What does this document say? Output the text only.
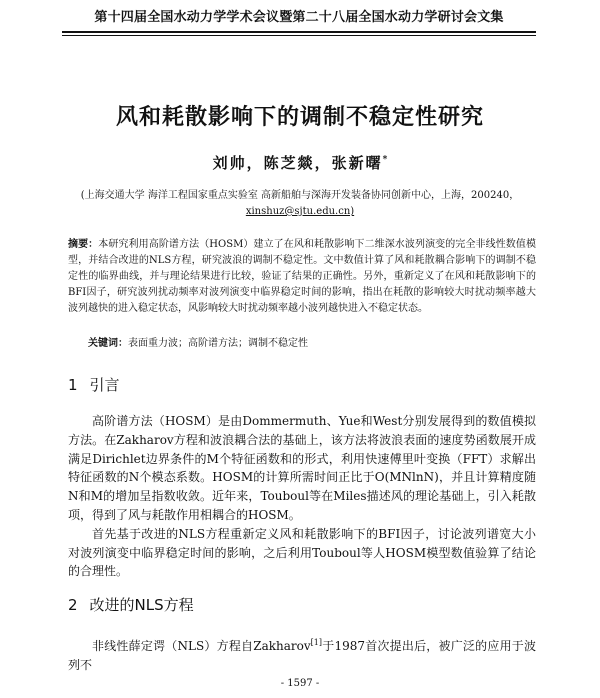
第十四届全国水动力学学术会议暨第二十八届全国水动力学研讨会文集
风和耗散影响下的调制不稳定性研究
刘帅，陈芝燚，张新曙*
(上海交通大学 海洋工程国家重点实验室 高新船舶与深海开发装备协同创新中心，上海，200240，
xinshuz@sjtu.edu.cn)
摘要：本研究利用高阶谱方法（HOSM）建立了在风和耗散影响下二维深水波列演变的完全非线性数值模型，并结合改进的NLS方程，研究波浪的调制不稳定性。文中数值计算了风和耗散耦合影响下的调制不稳定性的临界曲线，并与理论结果进行比较，验证了结果的正确性。另外，重新定义了在风和耗散影响下的BFI因子，研究波列扰动频率对波列演变中临界稳定时间的影响，指出在耗散的影响较大时扰动频率越大波列越快的进入稳定状态，风影响较大时扰动频率越小波列越快进入不稳定状态。
关键词：表面重力波；高阶谱方法；调制不稳定性
1 引言

高阶谱方法（HOSM）是由Dommermuth、Yue和West分别发展得到的数值模拟方法。在Zakharov方程和波浪耦合法的基础上，该方法将波浪表面的速度势函数展开成满足Dirichlet边界条件的M个特征函数和的形式，利用快速傅里叶变换（FFT）求解出特征函数的N个模态系数。HOSM的计算所需时间正比于O(MNlnN)，并且计算精度随N和M的增加呈指数收敛。近年来，Touboul等在Miles描述风的理论基础上，引入耗散项，得到了风与耗散作用相耦合的HOSM。

首先基于改进的NLS方程重新定义风和耗散影响下的BFI因子，讨论波列谱宽大小对波列演变中临界稳定时间的影响，之后利用Touboul等人HOSM模型数值验算了结论的合理性。

2 改进的NLS方程

非线性薛定谔（NLS）方程自Zakharov[1]于1987首次提出后，被广泛的应用于波列不

- 1597 -
